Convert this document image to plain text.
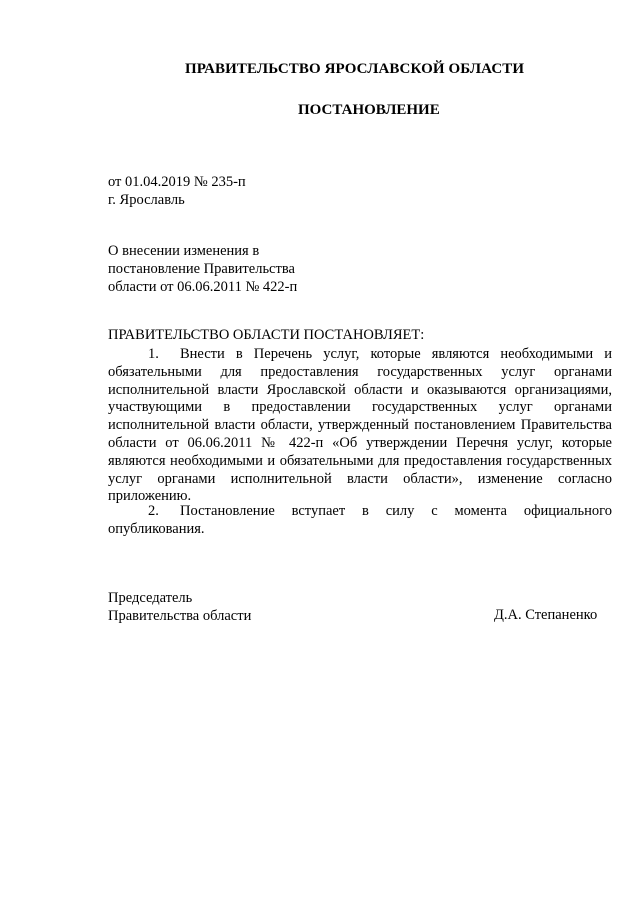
ПРАВИТЕЛЬСТВО ЯРОСЛАВСКОЙ ОБЛАСТИ
ПОСТАНОВЛЕНИЕ
от 01.04.2019 № 235-п
г. Ярославль
О внесении изменения в
постановление Правительства
области от 06.06.2011 № 422-п
ПРАВИТЕЛЬСТВО ОБЛАСТИ ПОСТАНОВЛЯЕТ:
1. Внести в Перечень услуг, которые являются необходимыми и обязательными для предоставления государственных услуг органами исполнительной власти Ярославской области и оказываются организациями, участвующими в предоставлении государственных услуг органами исполнительной власти области, утвержденный постановлением Правительства области от 06.06.2011 № 422-п «Об утверждении Перечня услуг, которые являются необходимыми и обязательными для предоставления государственных услуг органами исполнительной власти области», изменение согласно приложению.
2. Постановление вступает в силу с момента официального опубликования.
Председатель
Правительства области	Д.А. Степаненко
